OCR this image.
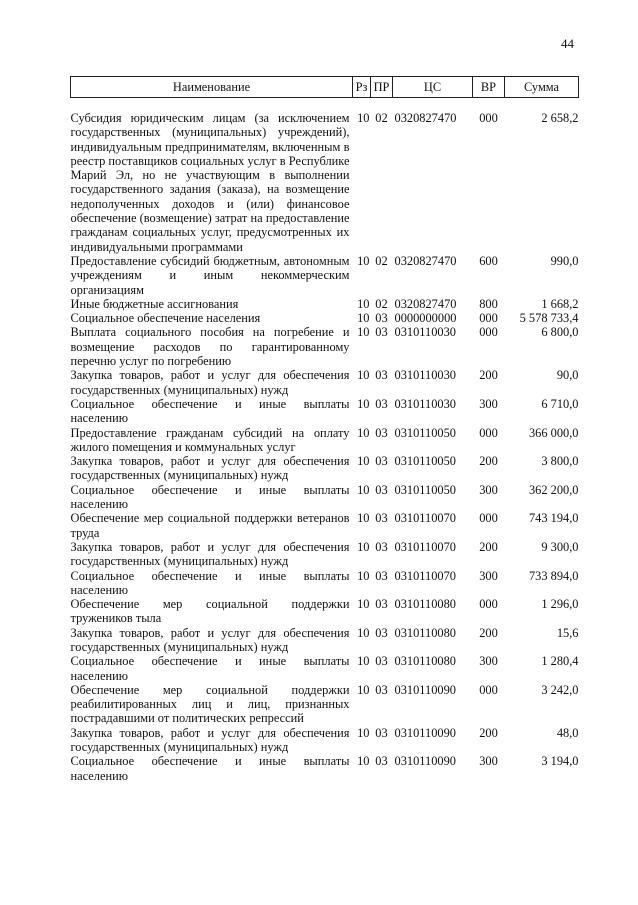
44
Наименование	Рз	ПР	ЦС	ВР	Сумма
Субсидия юридическим лицам (за исключением государственных (муниципальных) учреждений), индивидуальным предпринимателям, включенным в реестр поставщиков социальных услуг в Республике Марий Эл, но не участвующим в выполнении государственного задания (заказа), на возмещение недополученных доходов и (или) финансовое обеспечение (возмещение) затрат на предоставление гражданам социальных услуг, предусмотренных их индивидуальными программами	10	02	0320827470	000	2 658,2
Предоставление субсидий бюджетным, автономным учреждениям и иным некоммерческим организациям	10	02	0320827470	600	990,0
Иные бюджетные ассигнования	10	02	0320827470	800	1 668,2
Социальное обеспечение населения	10	03	0000000000	000	5 578 733,4
Выплата социального пособия на погребение и возмещение расходов по гарантированному перечню услуг по погребению	10	03	0310110030	000	6 800,0
Закупка товаров, работ и услуг для обеспечения государственных (муниципальных) нужд	10	03	0310110030	200	90,0
Социальное обеспечение и иные выплаты населению	10	03	0310110030	300	6 710,0
Предоставление гражданам субсидий на оплату жилого помещения и коммунальных услуг	10	03	0310110050	000	366 000,0
Закупка товаров, работ и услуг для обеспечения государственных (муниципальных) нужд	10	03	0310110050	200	3 800,0
Социальное обеспечение и иные выплаты населению	10	03	0310110050	300	362 200,0
Обеспечение мер социальной поддержки ветеранов труда	10	03	0310110070	000	743 194,0
Закупка товаров, работ и услуг для обеспечения государственных (муниципальных) нужд	10	03	0310110070	200	9 300,0
Социальное обеспечение и иные выплаты населению	10	03	0310110070	300	733 894,0
Обеспечение мер социальной поддержки тружеников тыла	10	03	0310110080	000	1 296,0
Закупка товаров, работ и услуг для обеспечения государственных (муниципальных) нужд	10	03	0310110080	200	15,6
Социальное обеспечение и иные выплаты населению	10	03	0310110080	300	1 280,4
Обеспечение мер социальной поддержки реабилитированных лиц и лиц, признанных пострадавшими от политических репрессий	10	03	0310110090	000	3 242,0
Закупка товаров, работ и услуг для обеспечения государственных (муниципальных) нужд	10	03	0310110090	200	48,0
Социальное обеспечение и иные выплаты населению	10	03	0310110090	300	3 194,0
